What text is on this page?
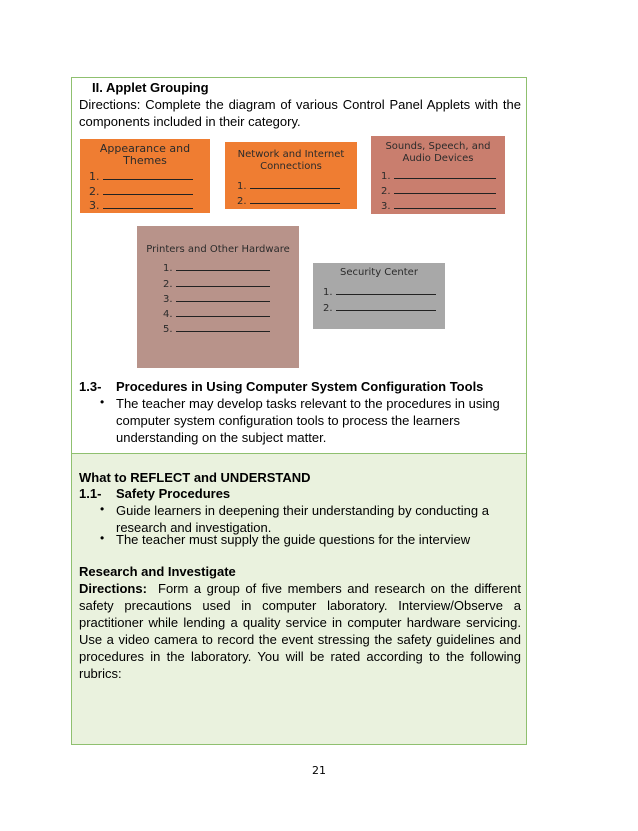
II. Applet Grouping
Directions: Complete the diagram of various Control Panel Applets with the components included in their category.
Appearance and Themes
1.
2.
3.
Network and Internet Connections
1.
2.
Sounds, Speech, and Audio Devices
1.
2.
3.
Printers and Other Hardware
1.
2.
3.
4.
5.
Security Center
1.
2.
1.3- Procedures in Using Computer System Configuration Tools
• The teacher may develop tasks relevant to the procedures in using computer system configuration tools to process the learners understanding on the subject matter.
What to REFLECT and UNDERSTAND
1.1- Safety Procedures
• Guide learners in deepening their understanding by conducting a research and investigation.
• The teacher must supply the guide questions for the interview
Research and Investigate
Directions: Form a group of five members and research on the different safety precautions used in computer laboratory. Interview/Observe a practitioner while lending a quality service in computer hardware servicing. Use a video camera to record the event stressing the safety guidelines and procedures in the laboratory. You will be rated according to the following rubrics:
21
